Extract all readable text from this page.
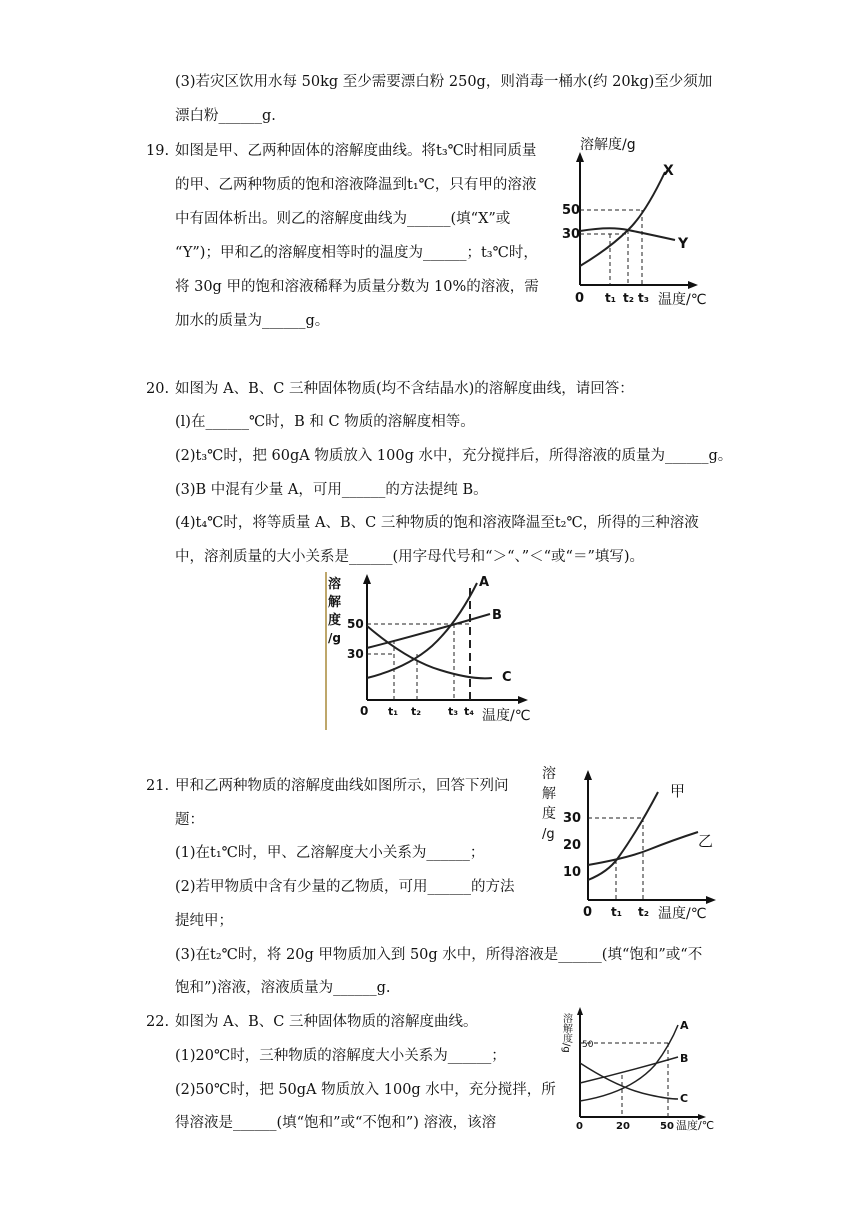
(3)若灾区饮用水每 50kg 至少需要漂白粉 250g，则消毒一桶水(约 20kg)至少须加
漂白粉______g.
19. 如图是甲、乙两种固体的溶解度曲线。将t₃℃时相同质量
的甲、乙两种物质的饱和溶液降温到t₁℃，只有甲的溶液
中有固体析出。则乙的溶解度曲线为______(填“X”或
“Y”)；甲和乙的溶解度相等时的温度为______；t₃℃时，
将 30g 甲的饱和溶液稀释为质量分数为 10%的溶液，需
加水的质量为______g。
溶解度/g
X
Y
50
30
0 t₁ t₂ t₃ 温度/℃
20. 如图为 A、B、C 三种固体物质(均不含结晶水)的溶解度曲线，请回答：
(l)在______℃时，B 和 C 物质的溶解度相等。
(2)t₃℃时，把 60gA 物质放入 100g 水中，充分搅拌后，所得溶液的质量为______g。
(3)B 中混有少量 A，可用______的方法提纯 B。
(4)t₄℃时，将等质量 A、B、C 三种物质的饱和溶液降温至t₂℃，所得的三种溶液
中，溶剂质量的大小关系是______(用字母代号和“＞“、”＜“或“＝”填写)。
溶
解
度
/g
A
B
C
50
30
0 t₁ t₂ t₃ t₄ 温度/℃
21. 甲和乙两种物质的溶解度曲线如图所示，回答下列问
题：
(1)在t₁℃时，甲、乙溶解度大小关系为______；
(2)若甲物质中含有少量的乙物质，可用______的方法
提纯甲；
(3)在t₂℃时，将 20g 甲物质加入到 50g 水中，所得溶液是______(填“饱和”或“不
饱和”)溶液，溶液质量为______g.
溶
解
度
/g
甲
乙
30
20
10
0 t₁ t₂ 温度/℃
22. 如图为 A、B、C 三种固体物质的溶解度曲线。
(1)20℃时，三种物质的溶解度大小关系为______；
(2)50℃时，把 50gA 物质放入 100g 水中，充分搅拌，所
得溶液是______(填“饱和”或“不饱和”) 溶液，该溶
溶解度/g	A
B
C
50
0	20	50 温度/℃
